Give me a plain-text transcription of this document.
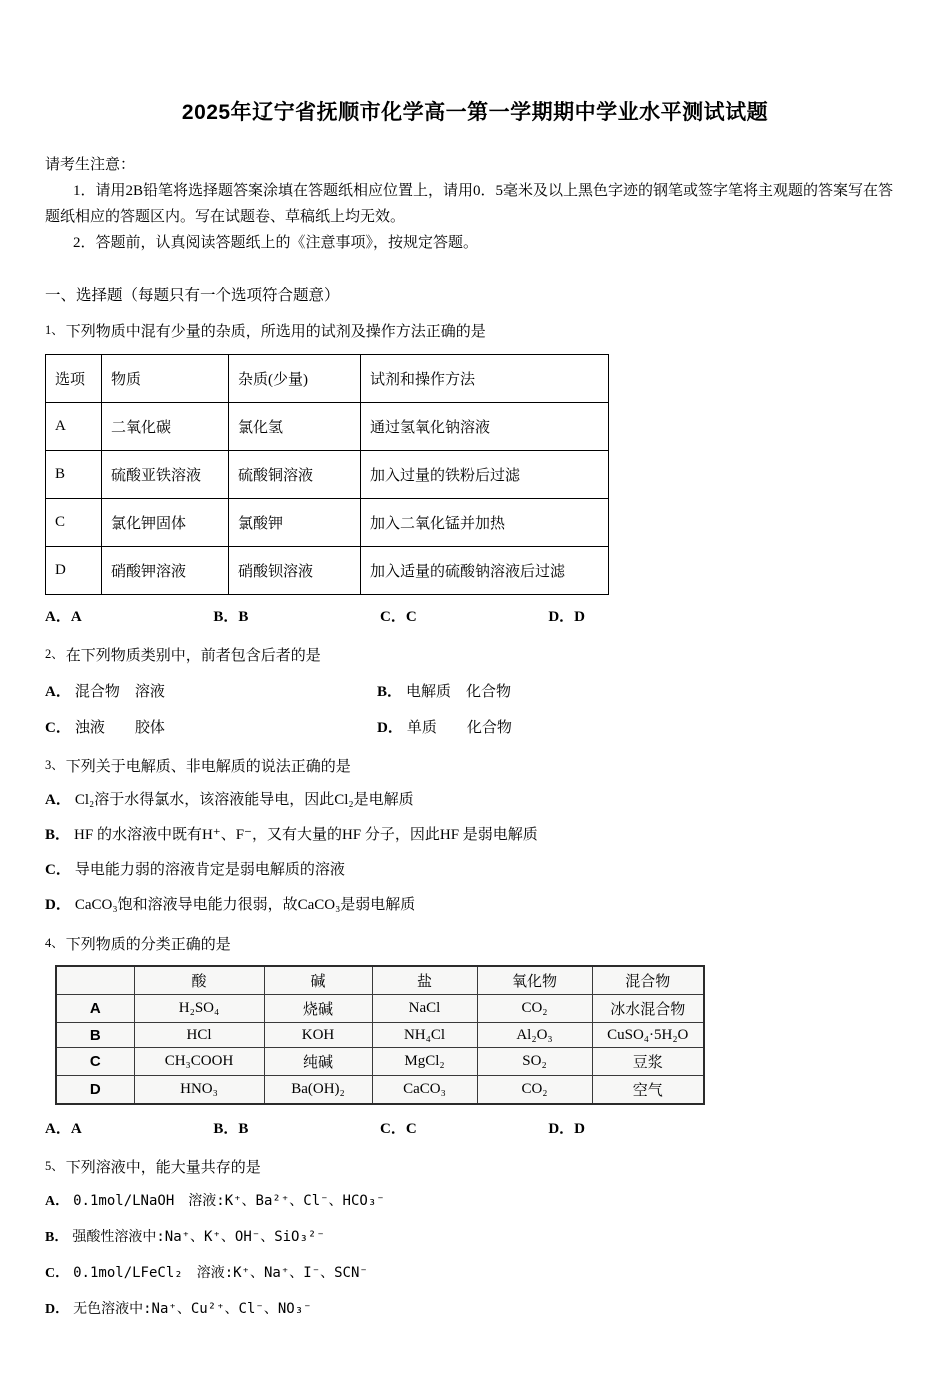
2025年辽宁省抚顺市化学高一第一学期期中学业水平测试试题

请考生注意：

1．请用2B铅笔将选择题答案涂填在答题纸相应位置上，请用0．5毫米及以上黑色字迹的钢笔或签字笔将主观题的答案写在答题纸相应的答题区内。写在试题卷、草稿纸上均无效。

2．答题前，认真阅读答题纸上的《注意事项》，按规定答题。

一、选择题（每题只有一个选项符合题意）

1、 下列物质中混有少量的杂质，所选用的试剂及操作方法正确的是

选项	物质	杂质(少量)	试剂和操作方法
A	二氧化碳	氯化氢	通过氢氧化钠溶液
B	硫酸亚铁溶液	硫酸铜溶液	加入过量的铁粉后过滤
C	氯化钾固体	氯酸钾	加入二氧化锰并加热
D	硝酸钾溶液	硝酸钡溶液	加入适量的硫酸钠溶液后过滤
A．A	B．B	C．C	D．D

2、 在下列物质类别中，前者包含后者的是

A． 混合物　溶液	B． 电解质　化合物

C． 浊液　　胶体	D． 单质　　化合物

3、 下列关于电解质、非电解质的说法正确的是

A． Cl₂溶于水得氯水，该溶液能导电，因此Cl₂是电解质

B． HF 的水溶液中既有H⁺、F⁻，又有大量的HF 分子，因此HF 是弱电解质

C． 导电能力弱的溶液肯定是弱电解质的溶液

D． CaCO₃饱和溶液导电能力很弱，故CaCO₃是弱电解质

4、 下列物质的分类正确的是

	酸	碱	盐	氧化物	混合物
A	H₂SO₄	烧碱	NaCl	CO₂	冰水混合物
B	HCl	KOH	NH₄Cl	Al₂O₃	CuSO₄·5H₂O
C	CH₃COOH	纯碱	MgCl₂	SO₂	豆浆
D	HNO₃	Ba(OH)₂	CaCO₃	CO₂	空气
A．A	B．B	C．C	D．D

5、 下列溶液中，能大量共存的是

A． 0.1mol/LNaOH　溶液:K⁺、Ba²⁺、Cl⁻、HCO₃⁻

B． 强酸性溶液中:Na⁺、K⁺、OH⁻、SiO₃²⁻

C． 0.1mol/LFeCl₂　溶液:K⁺、Na⁺、I⁻、SCN⁻

D． 无色溶液中:Na⁺、Cu²⁺、Cl⁻、NO₃⁻
